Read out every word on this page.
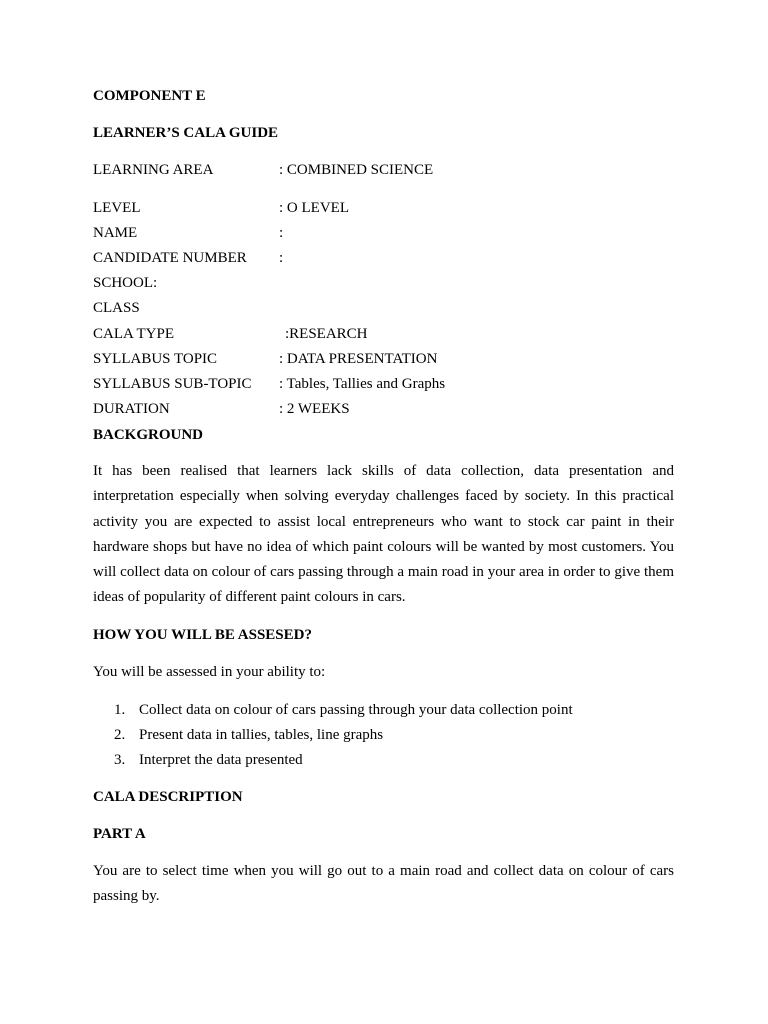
COMPONENT E
LEARNER’S CALA GUIDE
LEARNING AREA	: COMBINED SCIENCE
LEVEL	: O LEVEL
NAME	:
CANDIDATE NUMBER :
SCHOOL:
CLASS
CALA TYPE	:RESEARCH
SYLLABUS TOPIC	: DATA PRESENTATION
SYLLABUS SUB-TOPIC : Tables, Tallies and Graphs
DURATION	: 2 WEEKS
BACKGROUND
It has been realised that learners lack skills of data collection, data presentation and interpretation especially when solving everyday challenges faced by society. In this practical activity you are expected to assist local entrepreneurs who want to stock car paint in their hardware shops but have no idea of which paint colours will be wanted by most customers. You will collect data on colour of cars passing through a main road in your area in order to give them ideas of popularity of different paint colours in cars.
HOW YOU WILL BE ASSESED?
You will be assessed in your ability to:
1. Collect data on colour of cars passing through your data collection point
2. Present data in tallies, tables, line graphs
3. Interpret the data presented
CALA DESCRIPTION
PART A
You are to select time when you will go out to a main road and collect data on colour of cars passing by.
